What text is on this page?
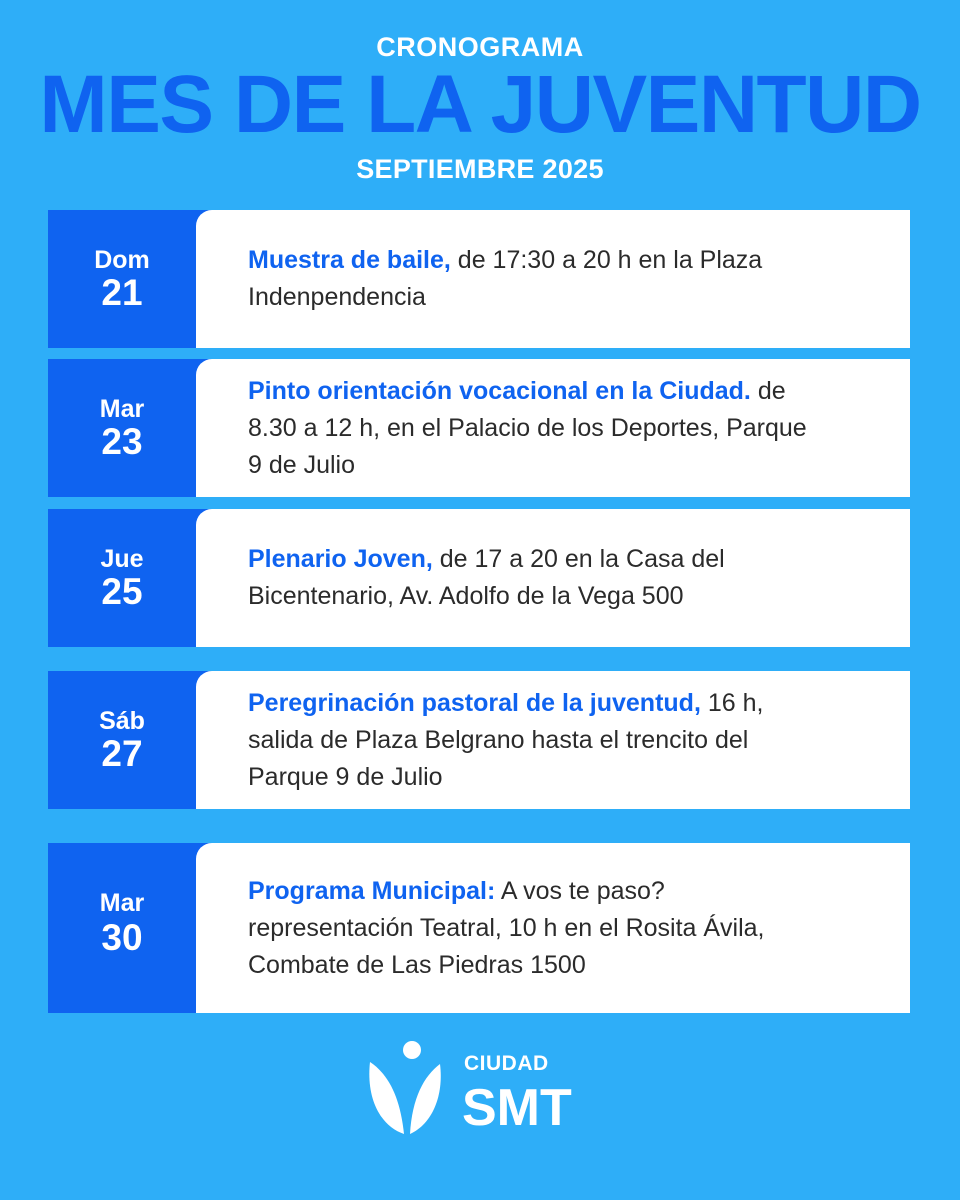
CRONOGRAMA
MES DE LA JUVENTUD
SEPTIEMBRE 2025
Dom
21
Muestra de baile, de 17:30 a 20 h en la Plaza Indenpendencia
Mar
23
Pinto orientación vocacional en la Ciudad. de 8.30 a 12 h, en el Palacio de los Deportes, Parque 9 de Julio
Jue
25
Plenario Joven, de 17 a 20 en la Casa del Bicentenario, Av. Adolfo de la Vega 500
Sáb
27
Peregrinación pastoral de la juventud, 16 h, salida de Plaza Belgrano hasta el trencito del Parque 9 de Julio
Mar
30
Programa Municipal: A vos te paso? representación Teatral, 10 h en el Rosita Ávila, Combate de Las Piedras 1500
CIUDAD
SMT
